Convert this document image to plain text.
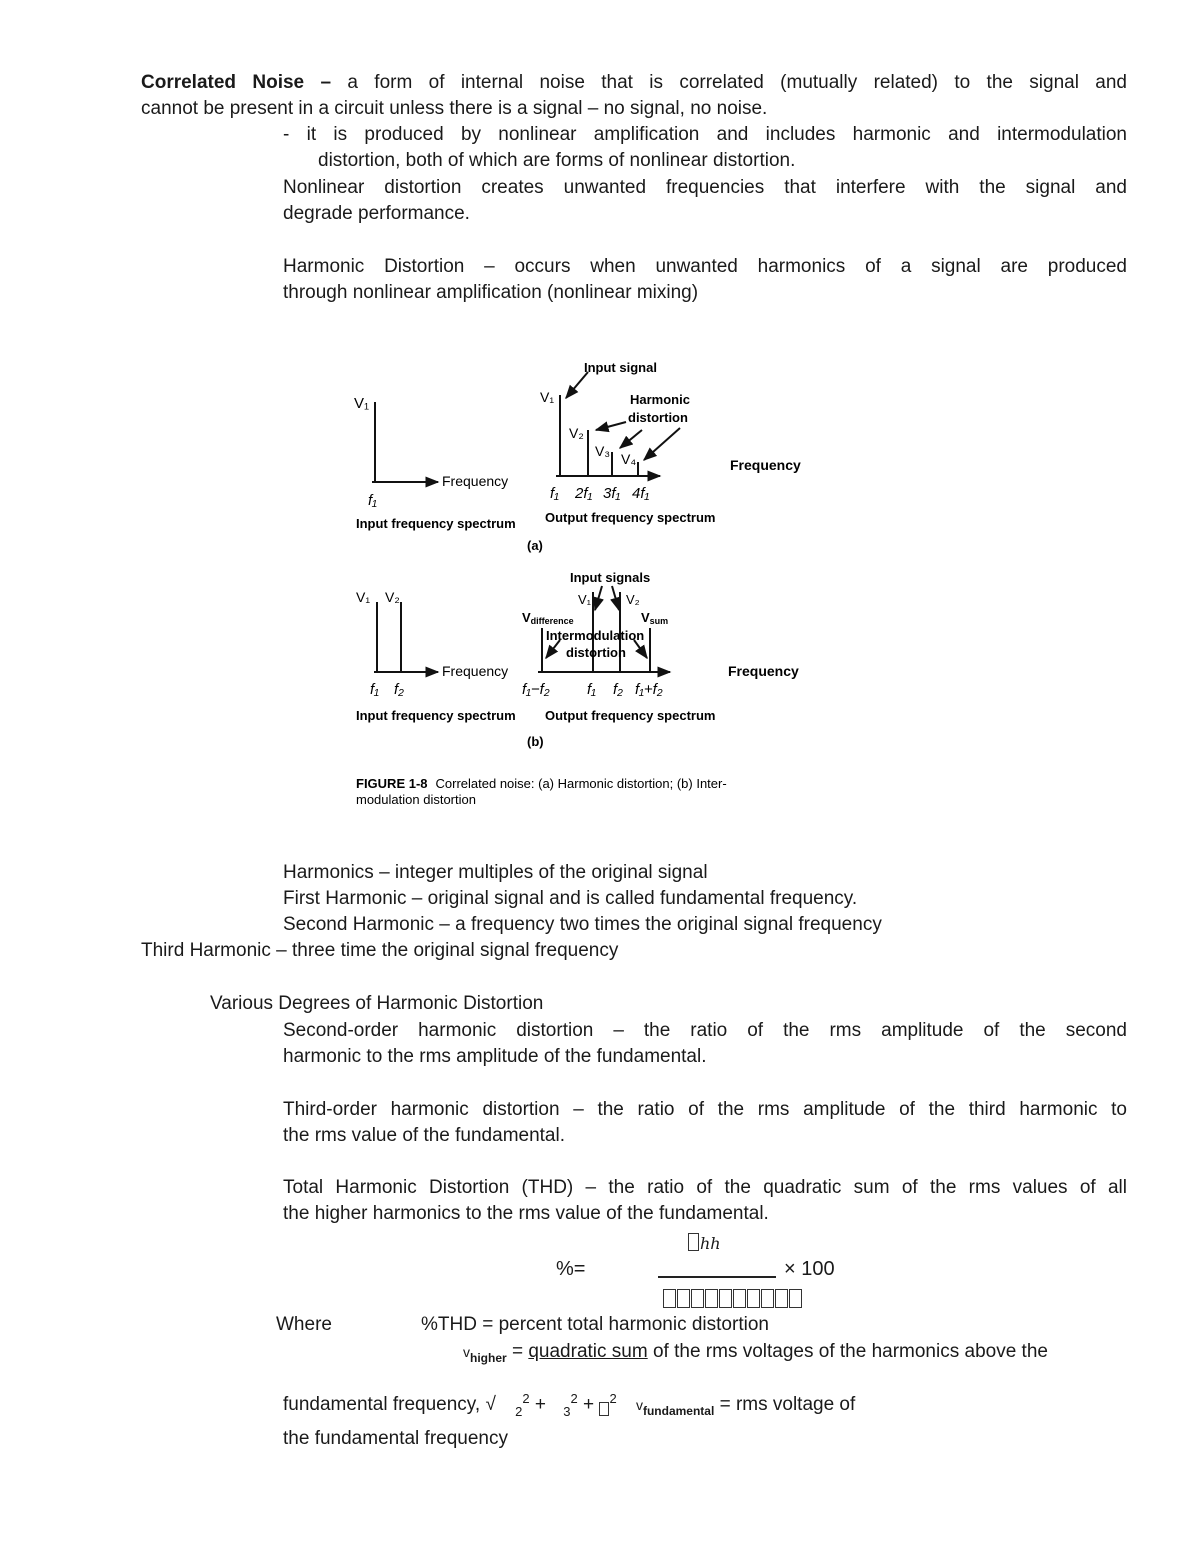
Correlated Noise – a form of internal noise that is correlated (mutually related) to the signal and
cannot be present in a circuit unless there is a signal – no signal, no noise.
- it is produced by nonlinear amplification and includes harmonic and intermodulation
distortion, both of which are forms of nonlinear distortion.
Nonlinear distortion creates unwanted frequencies that interfere with the signal and
degrade performance.
Harmonic Distortion – occurs when unwanted harmonics of a signal are produced
through nonlinear amplification (nonlinear mixing)
V₁
Frequency
f₁
Input frequency spectrum
Input signal
V₁	Harmonic
distortion
V₂
V₃ V₄
f₁ 2f₁ 3f₁ 4f₁
Frequency
Output frequency spectrum
(a)
Input signals
V₁ V₂	V₁	V₂
Vdifference	Vsum
Intermodulation
distortion
Frequency
f₁ f₂	f₁−f₂ f₁ f₂ f₁+f₂
Frequency
Input frequency spectrum Output frequency spectrum
(b)
FIGURE 1-8 Correlated noise: (a) Harmonic distortion; (b) Inter-
modulation distortion
Harmonics – integer multiples of the original signal
First Harmonic – original signal and is called fundamental frequency.
Second Harmonic – a frequency two times the original signal frequency
Third Harmonic – three time the original signal frequency
Various Degrees of Harmonic Distortion
Second-order harmonic distortion – the ratio of the rms amplitude of the second
harmonic to the rms amplitude of the fundamental.
Third-order harmonic distortion – the ratio of the rms amplitude of the third harmonic to
the rms value of the fundamental.
Total Harmonic Distortion (THD) – the ratio of the quadratic sum of the rms values of all
the higher harmonics to the rms value of the fundamental.
ℎℎ
%=	× 100
Where	%THD = percent total harmonic distortion
$v_{higher}$ = quadratic sum of the rms voltages of the harmonics above the
fundamental frequency, √ $_2^2$ + $_3^2$ + $^2$ $v_{fundamental}$ = rms voltage of
the fundamental frequency
